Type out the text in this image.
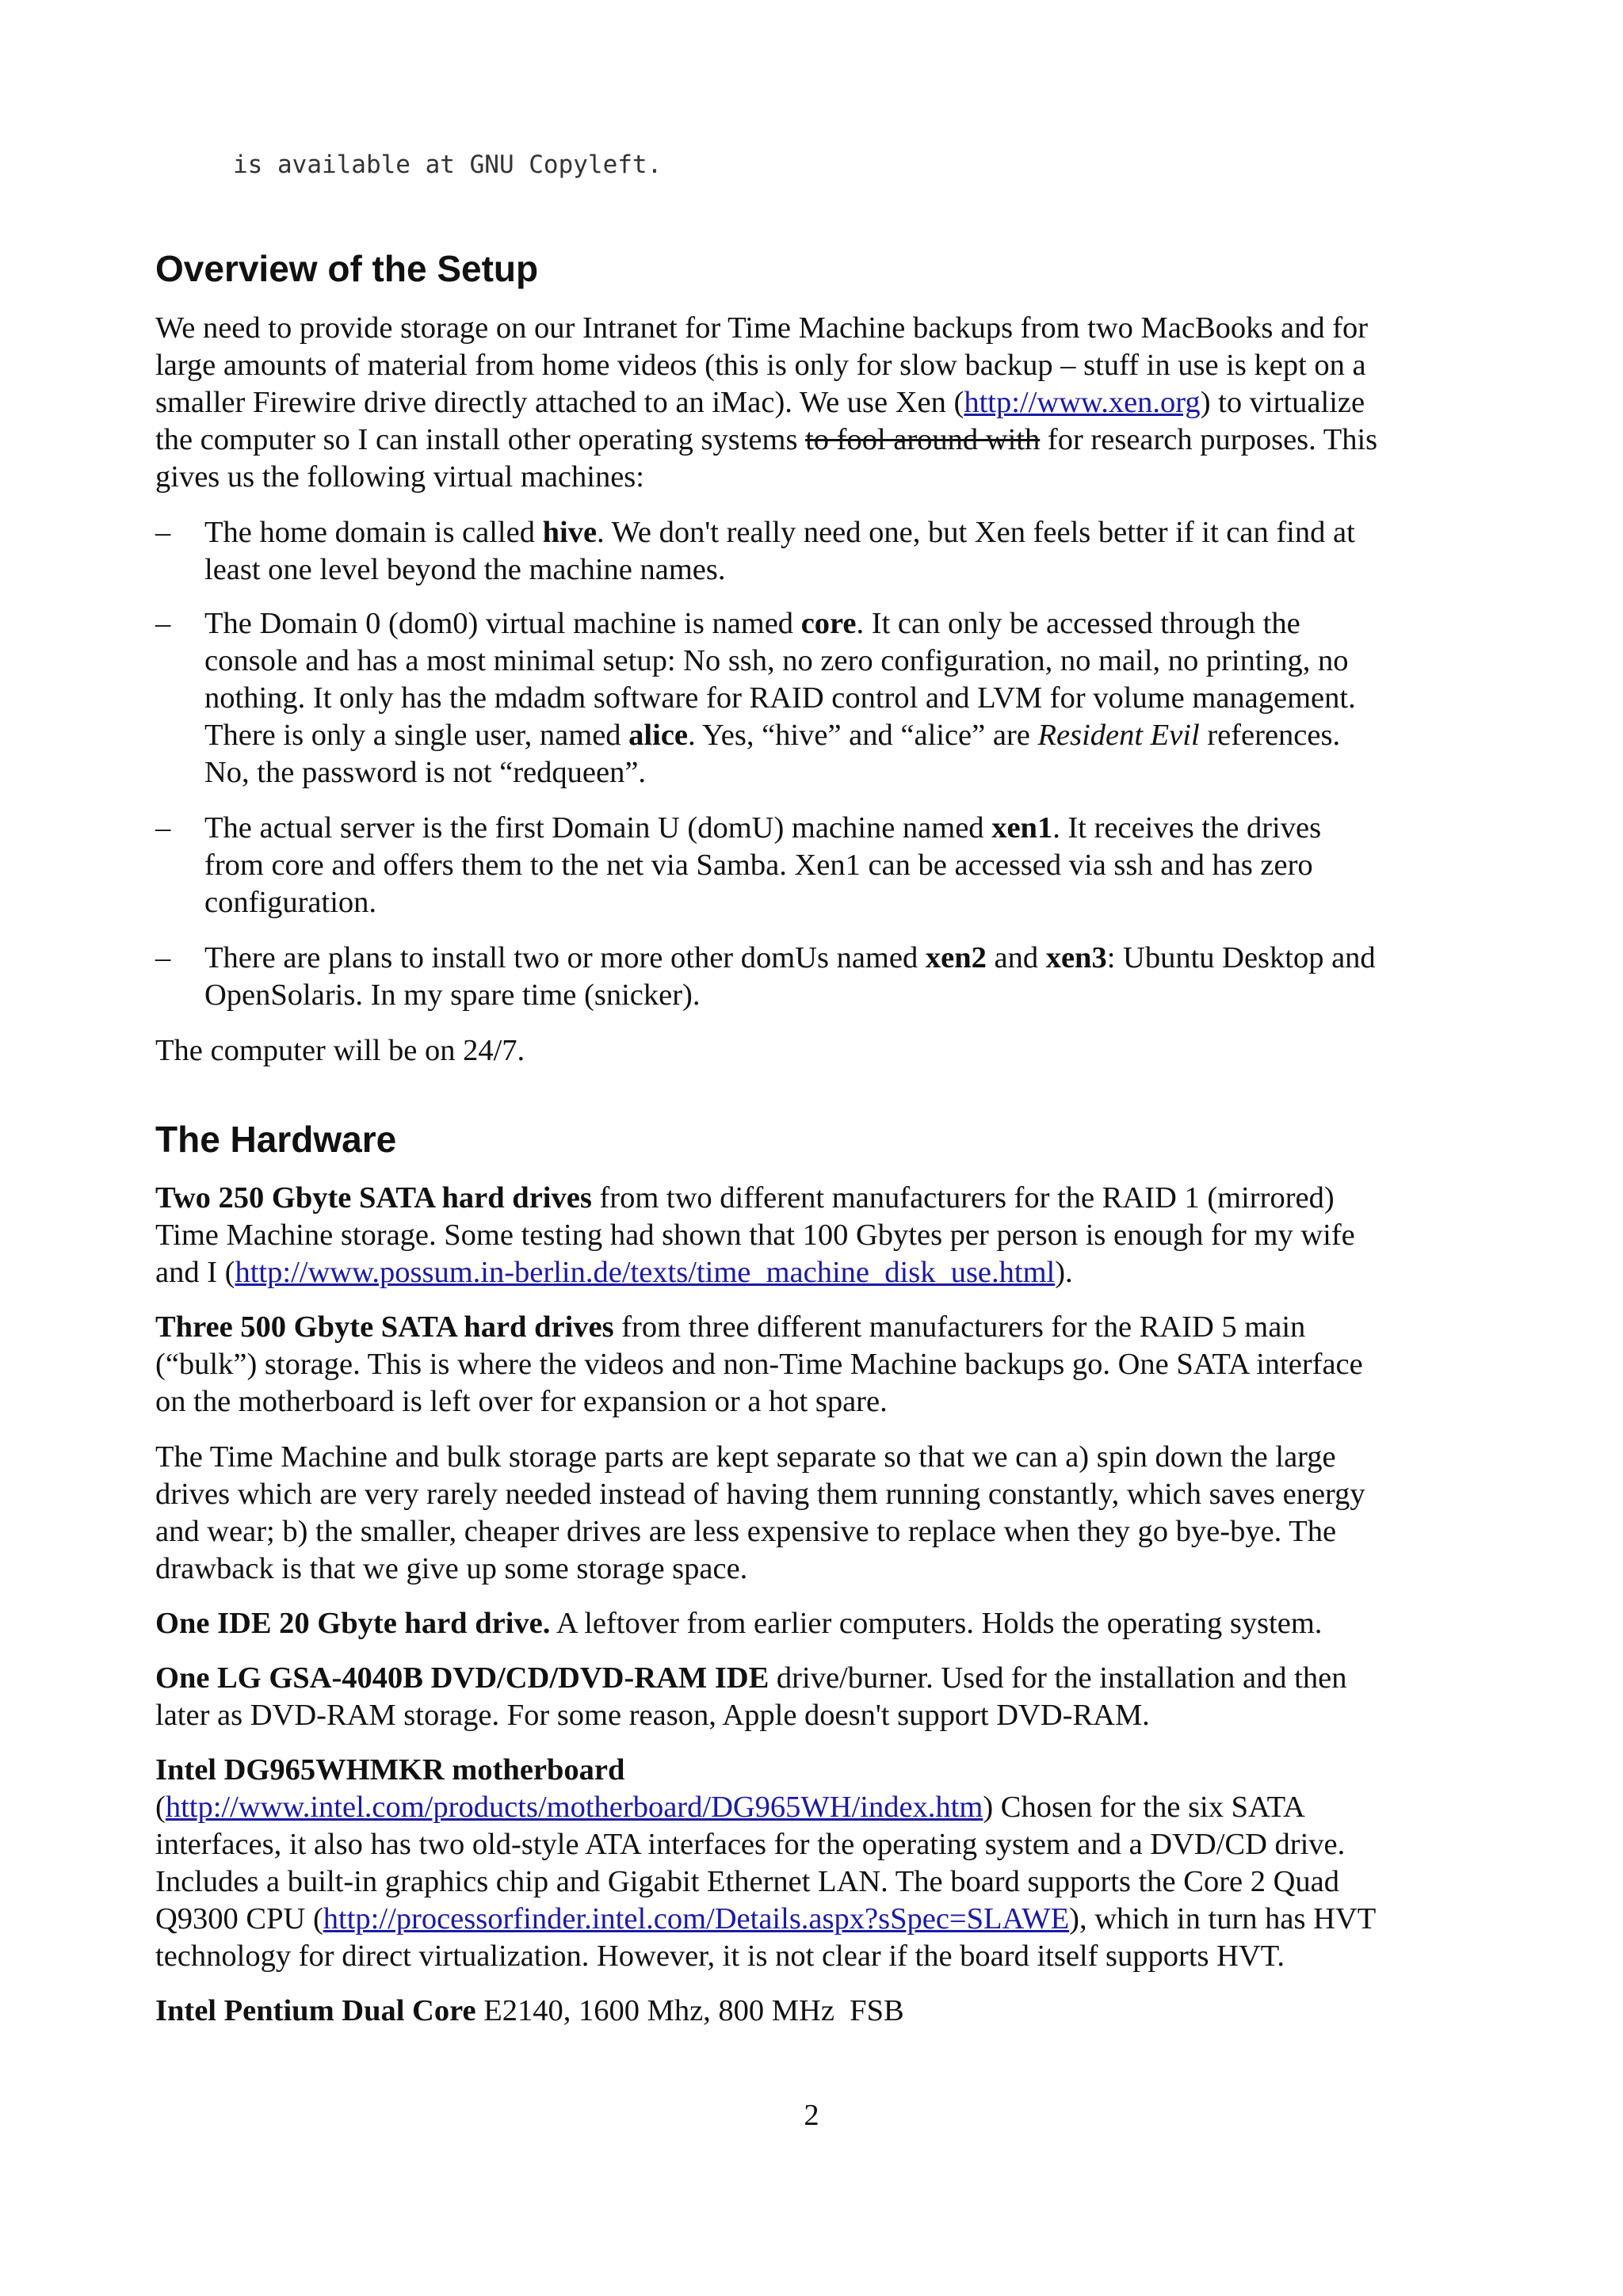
is available at GNU Copyleft.
Overview of the Setup

We need to provide storage on our Intranet for Time Machine backups from two MacBooks and for

large amounts of material from home videos (this is only for slow backup – stuff in use is kept on a

smaller Firewire drive directly attached to an iMac). We use Xen (http://www.xen.org) to virtualize

the computer so I can install other operating systems to fool around with for research purposes. This

gives us the following virtual machines:

– The home domain is called hive. We don't really need one, but Xen feels better if it can find at

least one level beyond the machine names.

– The Domain 0 (dom0) virtual machine is named core. It can only be accessed through the

console and has a most minimal setup: No ssh, no zero configuration, no mail, no printing, no

nothing. It only has the mdadm software for RAID control and LVM for volume management.

There is only a single user, named alice. Yes, “hive” and “alice” are Resident Evil references.

No, the password is not “redqueen”.

– The actual server is the first Domain U (domU) machine named xen1. It receives the drives

from core and offers them to the net via Samba. Xen1 can be accessed via ssh and has zero

configuration.

– There are plans to install two or more other domUs named xen2 and xen3: Ubuntu Desktop and

OpenSolaris. In my spare time (snicker).

The computer will be on 24/7.

The Hardware

Two 250 Gbyte SATA hard drives from two different manufacturers for the RAID 1 (mirrored)

Time Machine storage. Some testing had shown that 100 Gbytes per person is enough for my wife

and I (http://www.possum.in-berlin.de/texts/time_machine_disk_use.html).

Three 500 Gbyte SATA hard drives from three different manufacturers for the RAID 5 main

(“bulk”) storage. This is where the videos and non-Time Machine backups go. One SATA interface

on the motherboard is left over for expansion or a hot spare.

The Time Machine and bulk storage parts are kept separate so that we can a) spin down the large

drives which are very rarely needed instead of having them running constantly, which saves energy

and wear; b) the smaller, cheaper drives are less expensive to replace when they go bye-bye. The

drawback is that we give up some storage space.

One IDE 20 Gbyte hard drive. A leftover from earlier computers. Holds the operating system.

One LG GSA-4040B DVD/CD/DVD-RAM IDE drive/burner. Used for the installation and then

later as DVD-RAM storage. For some reason, Apple doesn't support DVD-RAM.

Intel DG965WHMKR motherboard

(http://www.intel.com/products/motherboard/DG965WH/index.htm) Chosen for the six SATA

interfaces, it also has two old-style ATA interfaces for the operating system and a DVD/CD drive.

Includes a built-in graphics chip and Gigabit Ethernet LAN. The board supports the Core 2 Quad

Q9300 CPU (http://processorfinder.intel.com/Details.aspx?sSpec=SLAWE), which in turn has HVT

technology for direct virtualization. However, it is not clear if the board itself supports HVT.

Intel Pentium Dual Core E2140, 1600 Mhz, 800 MHz  FSB

2
